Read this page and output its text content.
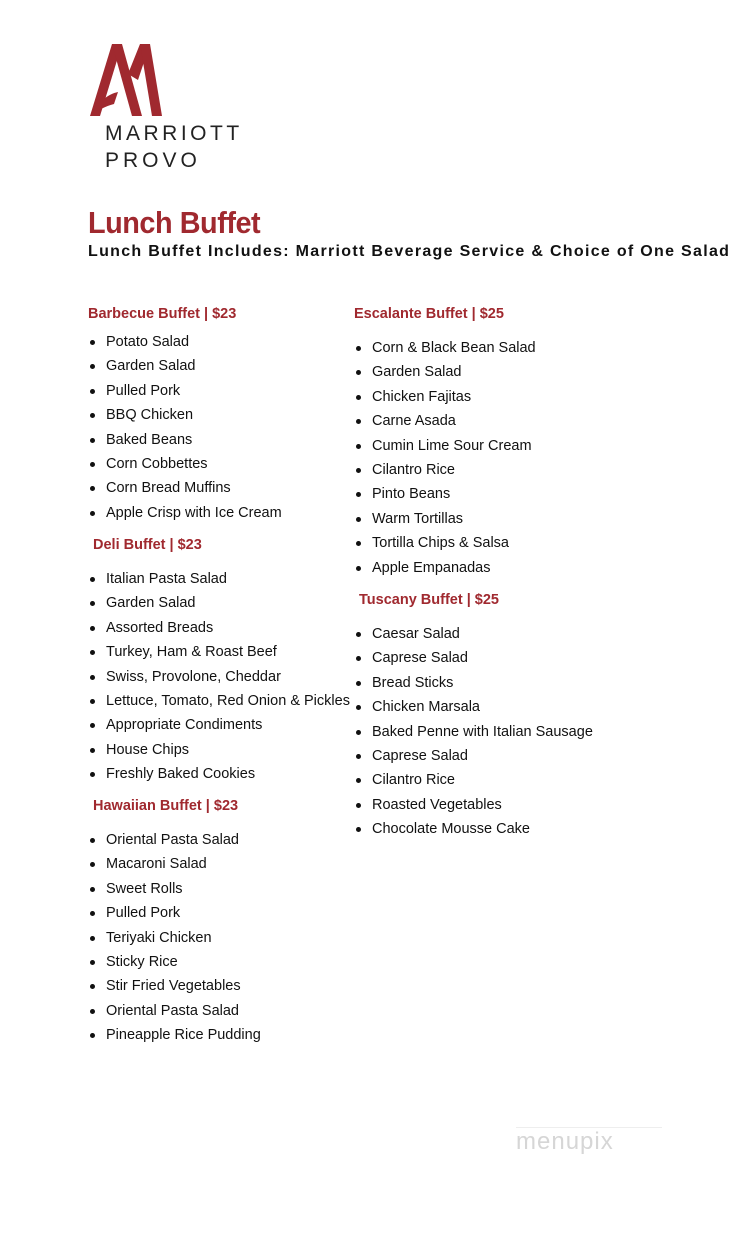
MARRIOTT
PROVO
Lunch Buffet

Lunch Buffet Includes: Marriott Beverage Service & Choice of One Salad

Barbecue Buffet | $23
Potato Salad
Garden Salad
Pulled Pork
BBQ Chicken
Baked Beans
Corn Cobbettes
Corn Bread Muffins
Apple Crisp with Ice Cream
Deli Buffet | $23
Italian Pasta Salad
Garden Salad
Assorted Breads
Turkey, Ham & Roast Beef
Swiss, Provolone, Cheddar
Lettuce, Tomato, Red Onion & Pickles
Appropriate Condiments
House Chips
Freshly Baked Cookies
Hawaiian Buffet | $23
Oriental Pasta Salad
Macaroni Salad
Sweet Rolls
Pulled Pork
Teriyaki Chicken
Sticky Rice
Stir Fried Vegetables
Oriental Pasta Salad
Pineapple Rice Pudding
Escalante Buffet | $25
Corn & Black Bean Salad
Garden Salad
Chicken Fajitas
Carne Asada
Cumin Lime Sour Cream
Cilantro Rice
Pinto Beans
Warm Tortillas
Tortilla Chips & Salsa
Apple Empanadas
Tuscany Buffet | $25
Caesar Salad
Caprese Salad
Bread Sticks
Chicken Marsala
Baked Penne with Italian Sausage
Caprese Salad
Cilantro Rice
Roasted Vegetables
Chocolate Mousse Cake
menupix
